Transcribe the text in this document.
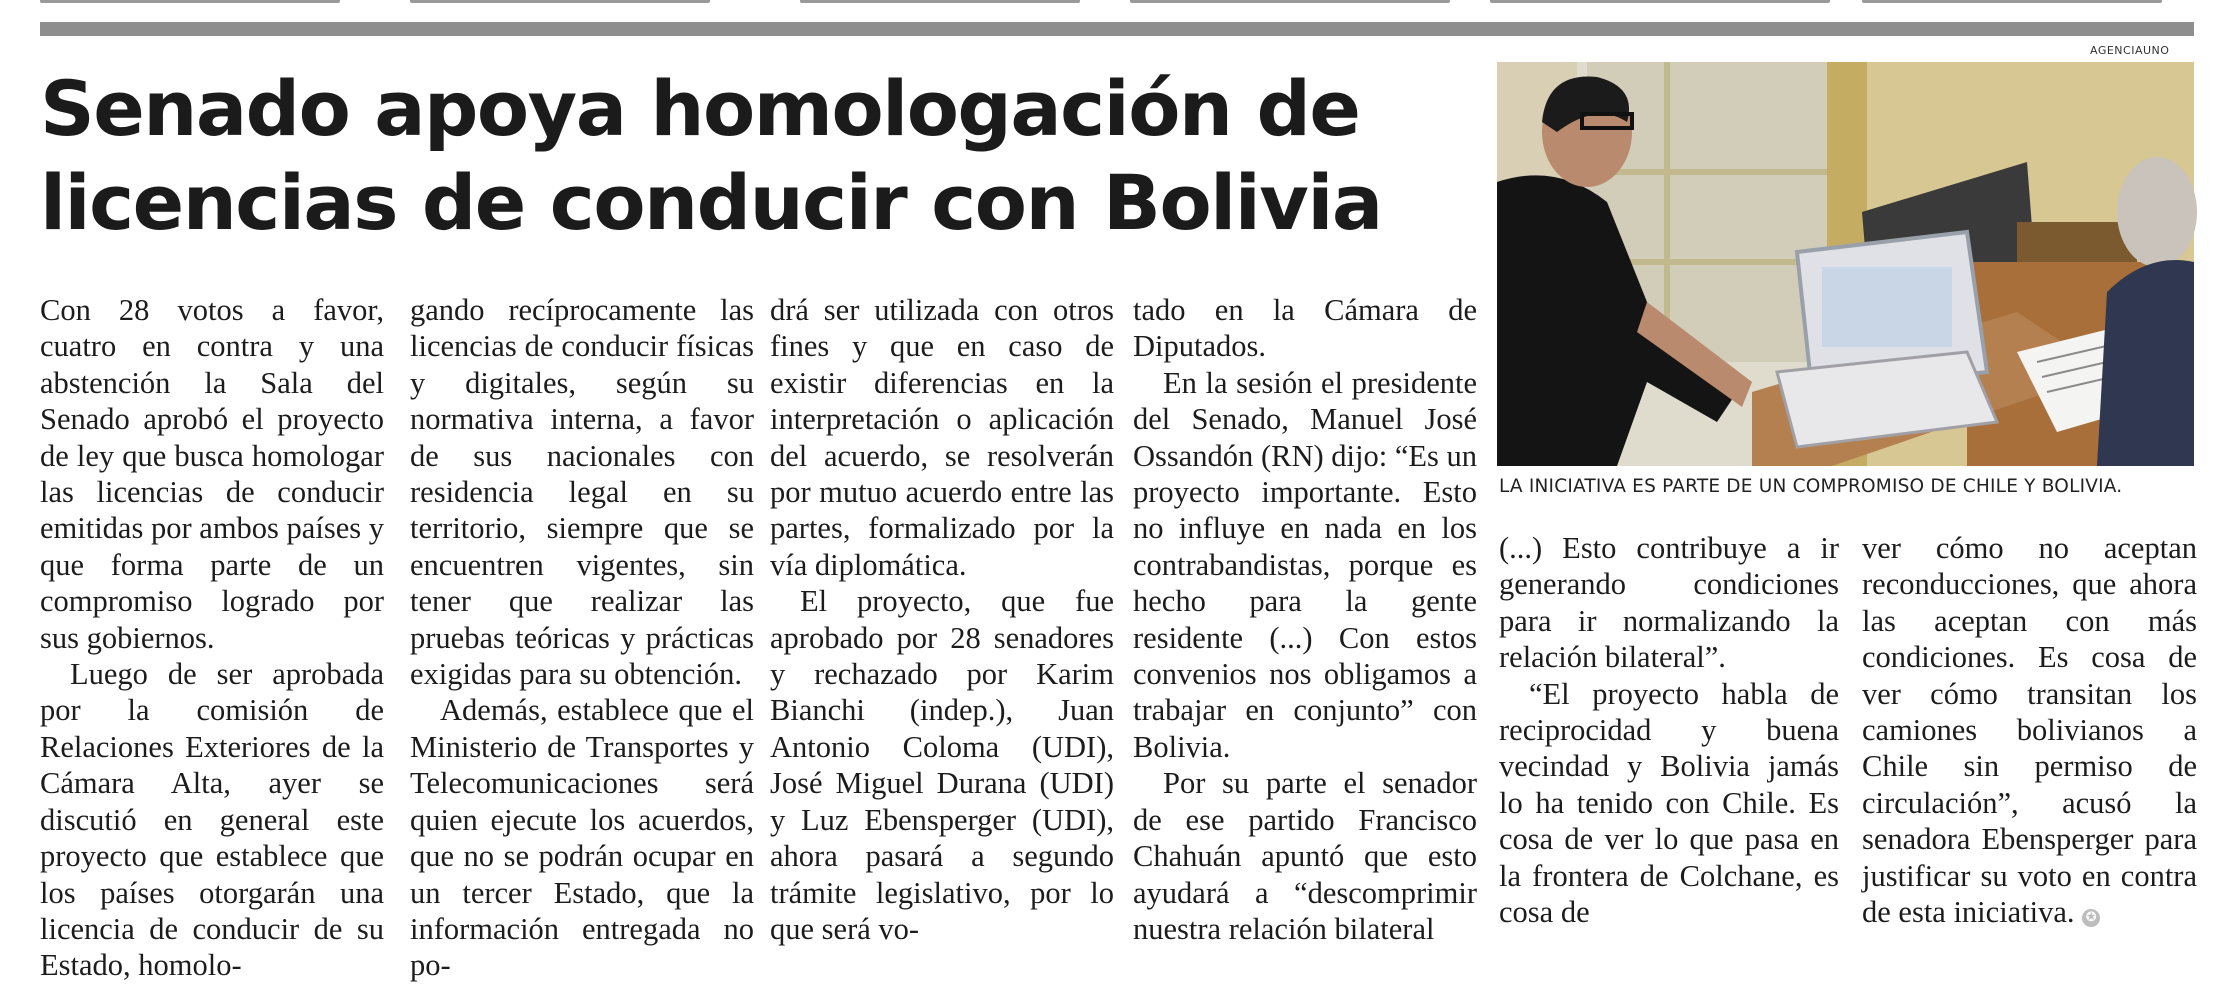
Senado apoya homologación de
licencias de conducir con Bolivia

Con 28 votos a favor, cuatro en contra y una abstención la Sala del Senado aprobó el proyecto de ley que busca homologar las licencias de conducir emitidas por ambos países y que forma parte de un compromiso logrado por sus gobiernos.

Luego de ser aprobada por la comisión de Relaciones Exteriores de la Cámara Alta, ayer se discutió en general este proyecto que establece que los países otorgarán una licencia de conducir de su Estado, homolo-

gando recíprocamente las licencias de conducir físicas y digitales, según su normativa interna, a favor de sus nacionales con residencia legal en su territorio, siempre que se encuentren vigentes, sin tener que realizar las pruebas teóricas y prácticas exigidas para su obtención.

Además, establece que el Ministerio de Transportes y Telecomunicaciones será quien ejecute los acuerdos, que no se podrán ocupar en un tercer Estado, que la información entregada no po-

drá ser utilizada con otros fines y que en caso de existir diferencias en la interpretación o aplicación del acuerdo, se resolverán por mutuo acuerdo entre las partes, formalizado por la vía diplomática.

El proyecto, que fue aprobado por 28 senadores y rechazado por Karim Bianchi (indep.), Juan Antonio Coloma (UDI), José Miguel Durana (UDI) y Luz Ebensperger (UDI), ahora pasará a segundo trámite legislativo, por lo que será vo-

tado en la Cámara de Diputados.

En la sesión el presidente del Senado, Manuel José Ossandón (RN) dijo: “Es un proyecto importante. Esto no influye en nada en los contrabandistas, porque es hecho para la gente residente (...) Con estos convenios nos obligamos a trabajar en conjunto” con Bolivia.

Por su parte el senador de ese partido Francisco Chahuán apuntó que esto ayudará a “descomprimir nuestra relación bilateral

(...) Esto contribuye a ir generando condiciones para ir normalizando la relación bilateral”.

“El proyecto habla de reciprocidad y buena vecindad y Bolivia jamás lo ha tenido con Chile. Es cosa de ver lo que pasa en la frontera de Colchane, es cosa de

ver cómo no aceptan reconducciones, que ahora las aceptan con más condiciones. Es cosa de ver cómo transitan los camiones bolivianos a Chile sin permiso de circulación”, acusó la senadora Ebensperger para justificar su voto en contra de esta iniciativa. ✪

AGENCIAUNO
LA INICIATIVA ES PARTE DE UN COMPROMISO DE CHILE Y BOLIVIA.
